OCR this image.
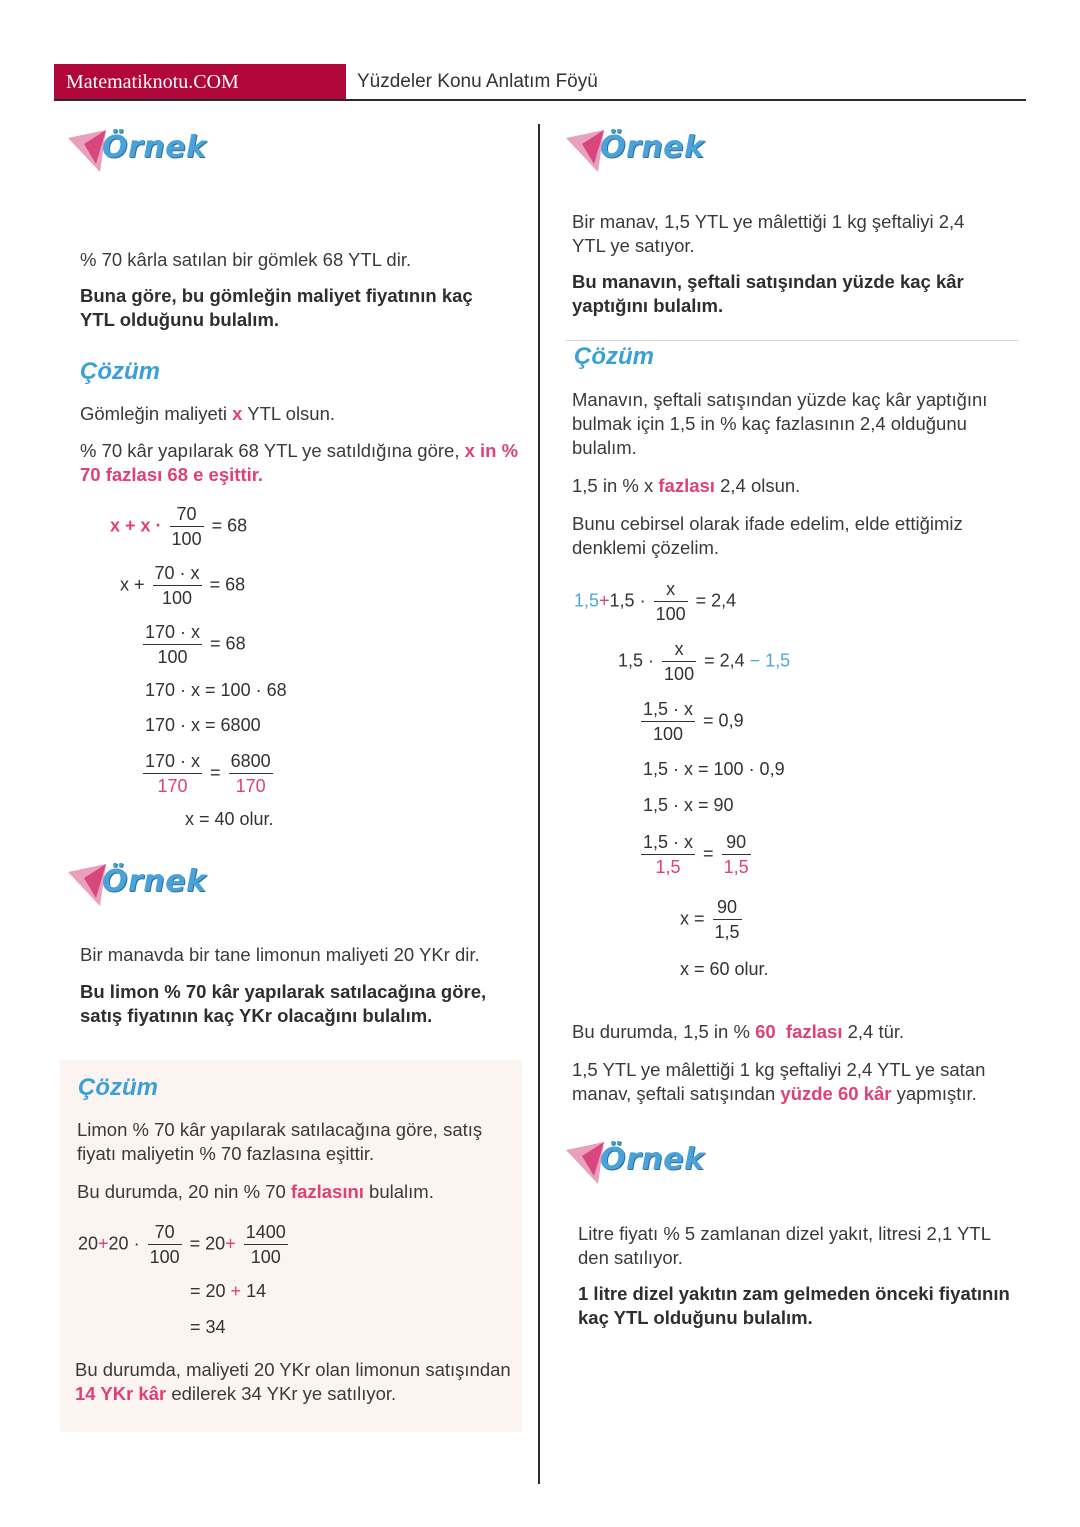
Matematiknotu.COM	Yüzdeler Konu Anlatım Föyü
Örnek
% 70 kârla satılan bir gömlek 68 YTL dir.
Buna göre, bu gömleğin maliyet fiyatının kaç YTL olduğunu bulalım.
Çözüm
Gömleğin maliyeti x YTL olsun.
% 70 kâr yapılarak 68 YTL ye satıldığına göre, x in % 70 fazlası 68 e eşittir.
$x + x \cdot \frac{70}{100} = 68$
$x + \frac{70 \cdot x}{100} = 68$
$\frac{170 \cdot x}{100} = 68$
170 · x = 100 · 68
170 · x = 6800
$\frac{170 \cdot x}{170} = \frac{6800}{170}$
x = 40 olur.
Örnek
Bir manavda bir tane limonun maliyeti 20 YKr dir.
Bu limon % 70 kâr yapılarak satılacağına göre, satış fiyatının kaç YKr olacağını bulalım.
Çözüm
Limon % 70 kâr yapılarak satılacağına göre, satış fiyatı maliyetin % 70 fazlasına eşittir.
Bu durumda, 20 nin % 70 fazlasını bulalım.
$20+20 \cdot \frac{70}{100} = 20+ \frac{1400}{100}$
= 20 + 14
= 34
Bu durumda, maliyeti 20 YKr olan limonun satışından 14 YKr kâr edilerek 34 YKr ye satılıyor.
Örnek
Bir manav, 1,5 YTL ye mâlettiği 1 kg şeftaliyi 2,4 YTL ye satıyor.
Bu manavın, şeftali satışından yüzde kaç kâr yaptığını bulalım.
Çözüm
Manavın, şeftali satışından yüzde kaç kâr yaptığını bulmak için 1,5 in % kaç fazlasının 2,4 olduğunu bulalım.
1,5 in % x fazlası 2,4 olsun.
Bunu cebirsel olarak ifade edelim, elde ettiğimiz denklemi çözelim.
$1,5+1,5 \cdot \frac{x}{100} = 2,4$
$1,5 \cdot \frac{x}{100} = 2,4 - 1,5$
$\frac{1,5 \cdot x}{100} = 0,9$
1,5 · x = 100 · 0,9
1,5 · x = 90
$\frac{1,5 \cdot x}{1,5} = \frac{90}{1,5}$
$x = \frac{90}{1,5}$
x = 60 olur.
Bu durumda, 1,5 in % 60 fazlası 2,4 tür.
1,5 YTL ye mâlettiği 1 kg şeftaliyi 2,4 YTL ye satan manav, şeftali satışından yüzde 60 kâr yapmıştır.
Örnek
Litre fiyatı % 5 zamlanan dizel yakıt, litresi 2,1 YTL den satılıyor.
1 litre dizel yakıtın zam gelmeden önceki fiyatının kaç YTL olduğunu bulalım.
